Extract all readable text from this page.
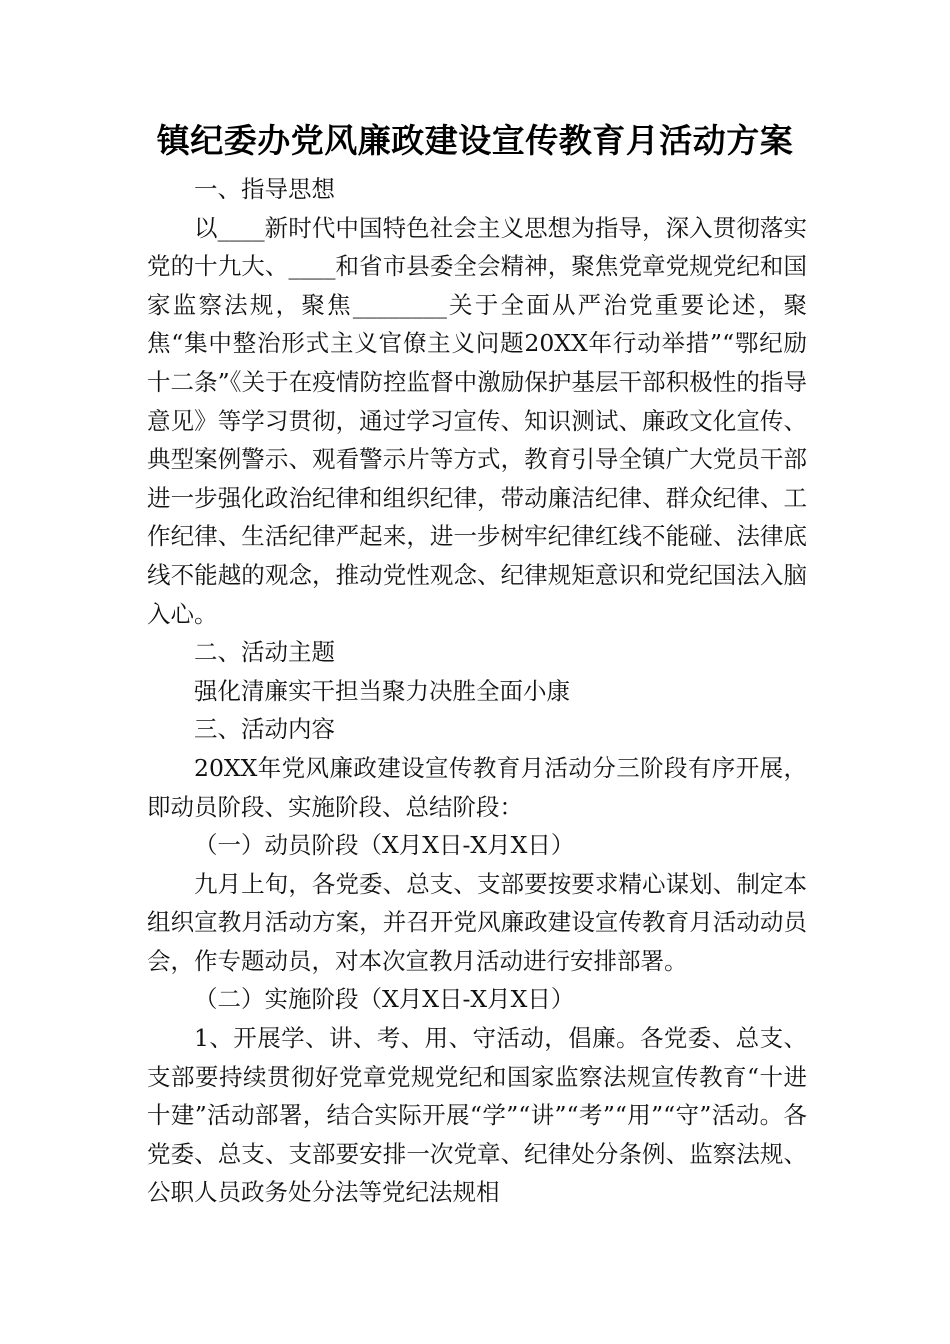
镇纪委办党风廉政建设宣传教育月活动方案

一、指导思想

以____新时代中国特色社会主义思想为指导，深入贯彻落实党的十九大、____和省市县委全会精神，聚焦党章党规党纪和国家监察法规，聚焦________关于全面从严治党重要论述，聚焦“集中整治形式主义官僚主义问题20XX年行动举措”“鄂纪励十二条”《关于在疫情防控监督中激励保护基层干部积极性的指导意见》等学习贯彻，通过学习宣传、知识测试、廉政文化宣传、典型案例警示、观看警示片等方式，教育引导全镇广大党员干部进一步强化政治纪律和组织纪律，带动廉洁纪律、群众纪律、工作纪律、生活纪律严起来，进一步树牢纪律红线不能碰、法律底线不能越的观念，推动党性观念、纪律规矩意识和党纪国法入脑入心。

二、活动主题

强化清廉实干担当聚力决胜全面小康

三、活动内容

20XX年党风廉政建设宣传教育月活动分三阶段有序开展，即动员阶段、实施阶段、总结阶段：

（一）动员阶段（X月X日-X月X日）

九月上旬，各党委、总支、支部要按要求精心谋划、制定本组织宣教月活动方案，并召开党风廉政建设宣传教育月活动动员会，作专题动员，对本次宣教月活动进行安排部署。

（二）实施阶段（X月X日-X月X日）

1、开展学、讲、考、用、守活动，倡廉。各党委、总支、支部要持续贯彻好党章党规党纪和国家监察法规宣传教育“十进十建”活动部署，结合实际开展“学”“讲”“考”“用”“守”活动。各党委、总支、支部要安排一次党章、纪律处分条例、监察法规、公职人员政务处分法等党纪法规相
